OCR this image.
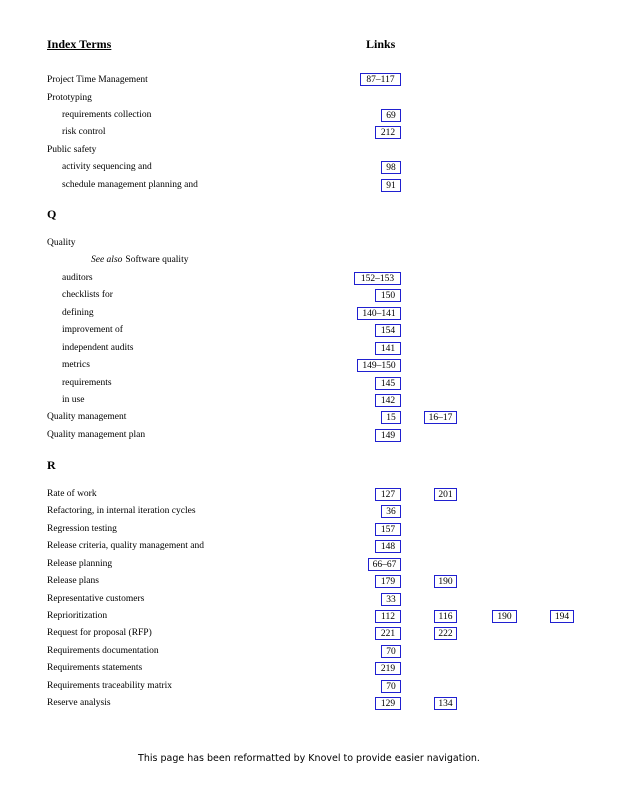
Index Terms	Links
Q
R
Project Time Management	87–117
Prototyping
requirements collection	69
risk control	212
Public safety
activity sequencing and	98
schedule management planning and	91
Quality
See also Software quality
auditors	152–153
checklists for	150
defining	140–141
improvement of	154
independent audits	141
metrics	149–150
requirements	145
in use	142
Quality management	15	16–17
Quality management plan	149
Rate of work	127	201
Refactoring, in internal iteration cycles	36
Regression testing	157
Release criteria, quality management and	148
Release planning	66–67
Release plans	179	190
Representative customers	33
Reprioritization	112	116	190	194
Request for proposal (RFP)	221	222
Requirements documentation	70
Requirements statements	219
Requirements traceability matrix	70
Reserve analysis	129	134
This page has been reformatted by Knovel to provide easier navigation.
